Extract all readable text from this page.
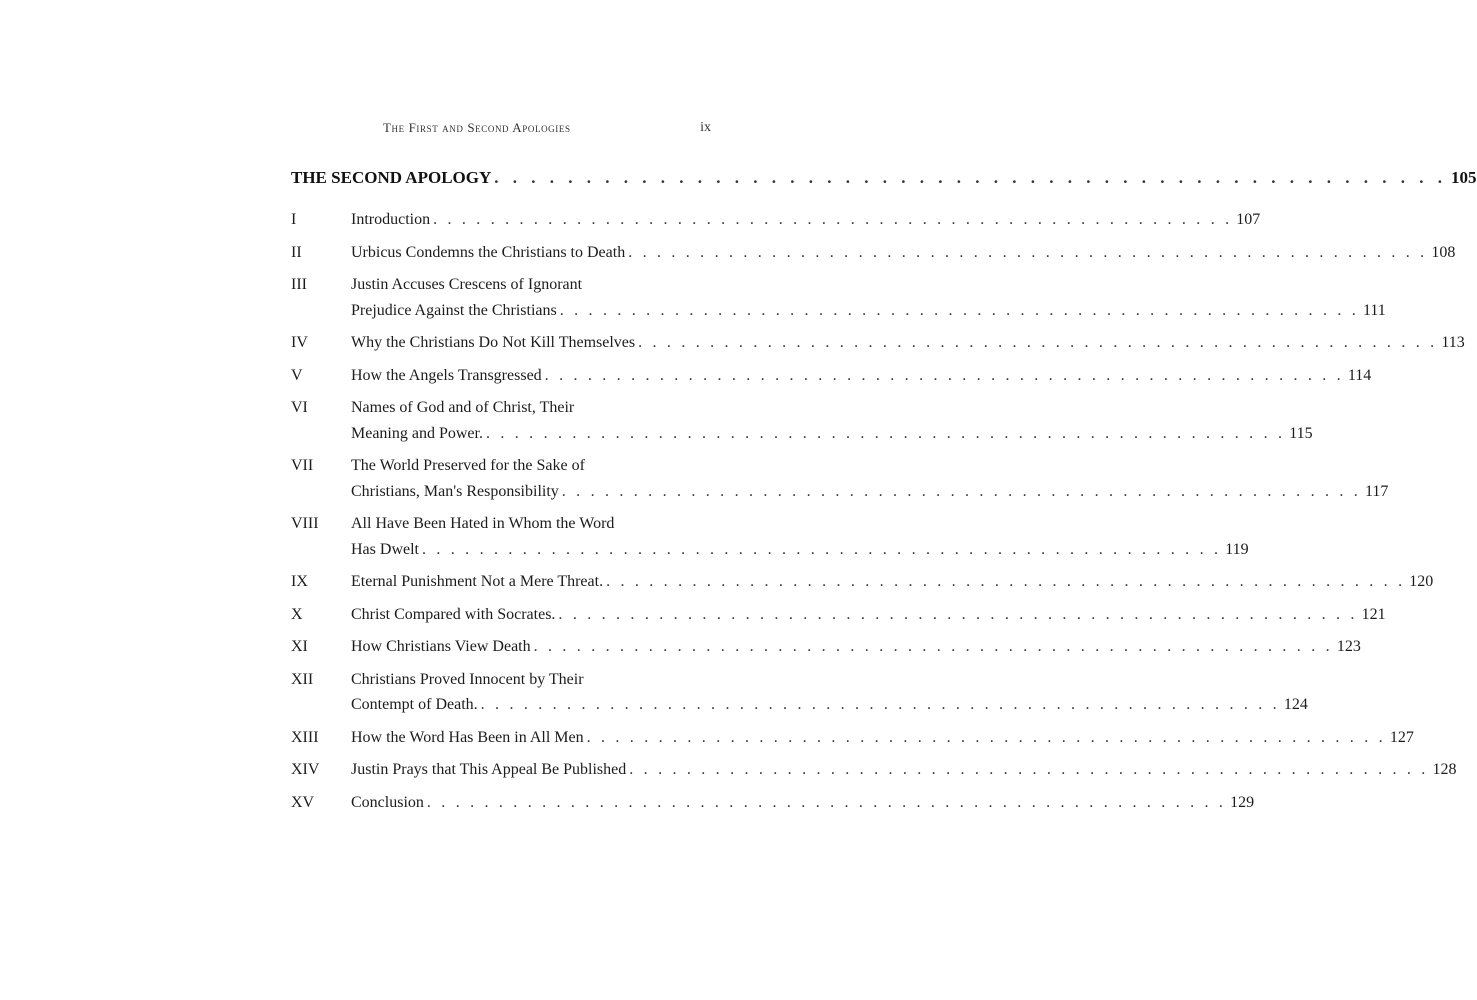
The First and Second Apologies	ix
THE SECOND APOLOGY . . . . . . . . . . . . . . . . . . . . . . . . . . . . . . . . . . . . . . . . . . . . . . . . . . . . 105
I	Introduction . . . . . . . . . . . . . . . . . . . . . . . . . . . . . . . . . . . . . . . . . . . . . . . . . . . . . . . . 107
II	Urbicus Condemns the Christians to Death . . . . . . . . . . . . . . . . . . . . . . . . . . . . . . . . . . . . . . . . . . . . . . . . . . . . . . . . 108
III	Justin Accuses Crescens of Ignorant
Prejudice Against the Christians . . . . . . . . . . . . . . . . . . . . . . . . . . . . . . . . . . . . . . . . . . . . . . . . . . . . . . . . 111
IV	Why the Christians Do Not Kill Themselves . . . . . . . . . . . . . . . . . . . . . . . . . . . . . . . . . . . . . . . . . . . . . . . . . . . . . . . . 113
V	How the Angels Transgressed . . . . . . . . . . . . . . . . . . . . . . . . . . . . . . . . . . . . . . . . . . . . . . . . . . . . . . . . 114
VI	Names of God and of Christ, Their
Meaning and Power. . . . . . . . . . . . . . . . . . . . . . . . . . . . . . . . . . . . . . . . . . . . . . . . . . . . . . . . . 115
VII	The World Preserved for the Sake of
Christians, Man's Responsibility . . . . . . . . . . . . . . . . . . . . . . . . . . . . . . . . . . . . . . . . . . . . . . . . . . . . . . . . 117
VIII	All Have Been Hated in Whom the Word
Has Dwelt . . . . . . . . . . . . . . . . . . . . . . . . . . . . . . . . . . . . . . . . . . . . . . . . . . . . . . . . 119
IX	Eternal Punishment Not a Mere Threat. . . . . . . . . . . . . . . . . . . . . . . . . . . . . . . . . . . . . . . . . . . . . . . . . . . . . . . . . 120
X	Christ Compared with Socrates. . . . . . . . . . . . . . . . . . . . . . . . . . . . . . . . . . . . . . . . . . . . . . . . . . . . . . . . . 121
XI	How Christians View Death . . . . . . . . . . . . . . . . . . . . . . . . . . . . . . . . . . . . . . . . . . . . . . . . . . . . . . . . 123
XII	Christians Proved Innocent by Their
Contempt of Death. . . . . . . . . . . . . . . . . . . . . . . . . . . . . . . . . . . . . . . . . . . . . . . . . . . . . . . . . 124
XIII	How the Word Has Been in All Men . . . . . . . . . . . . . . . . . . . . . . . . . . . . . . . . . . . . . . . . . . . . . . . . . . . . . . . . 127
XIV	Justin Prays that This Appeal Be Published . . . . . . . . . . . . . . . . . . . . . . . . . . . . . . . . . . . . . . . . . . . . . . . . . . . . . . . . 128
XV	Conclusion . . . . . . . . . . . . . . . . . . . . . . . . . . . . . . . . . . . . . . . . . . . . . . . . . . . . . . . . 129
